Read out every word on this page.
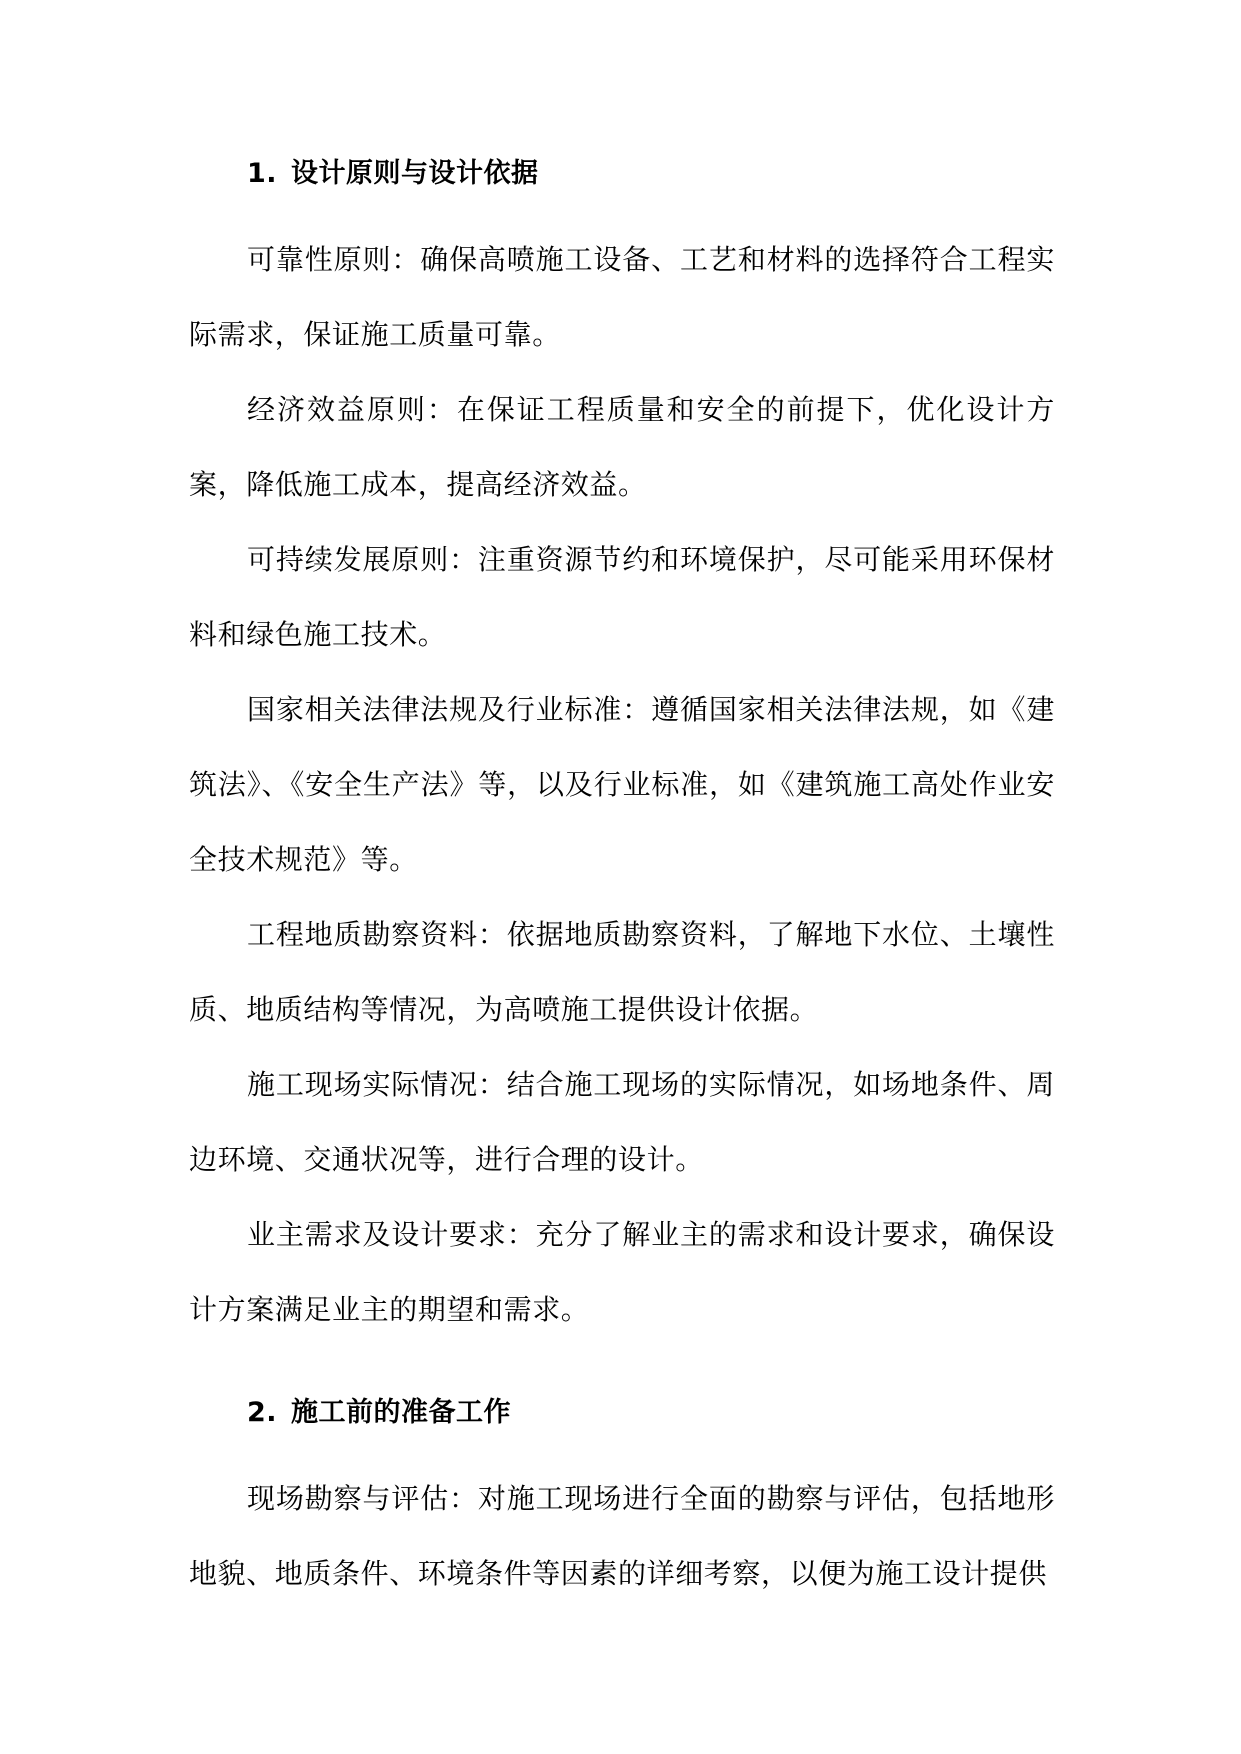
1. 设计原则与设计依据

可靠性原则：确保高喷施工设备、工艺和材料的选择符合工程实际需求，保证施工质量可靠。

经济效益原则：在保证工程质量和安全的前提下，优化设计方案，降低施工成本，提高经济效益。

可持续发展原则：注重资源节约和环境保护，尽可能采用环保材料和绿色施工技术。

国家相关法律法规及行业标准：遵循国家相关法律法规，如《建筑法》、《安全生产法》等，以及行业标准，如《建筑施工高处作业安全技术规范》等。

工程地质勘察资料：依据地质勘察资料，了解地下水位、土壤性质、地质结构等情况，为高喷施工提供设计依据。

施工现场实际情况：结合施工现场的实际情况，如场地条件、周边环境、交通状况等，进行合理的设计。

业主需求及设计要求：充分了解业主的需求和设计要求，确保设计方案满足业主的期望和需求。

2. 施工前的准备工作

现场勘察与评估：对施工现场进行全面的勘察与评估，包括地形地貌、地质条件、环境条件等因素的详细考察，以便为施工设计提供
